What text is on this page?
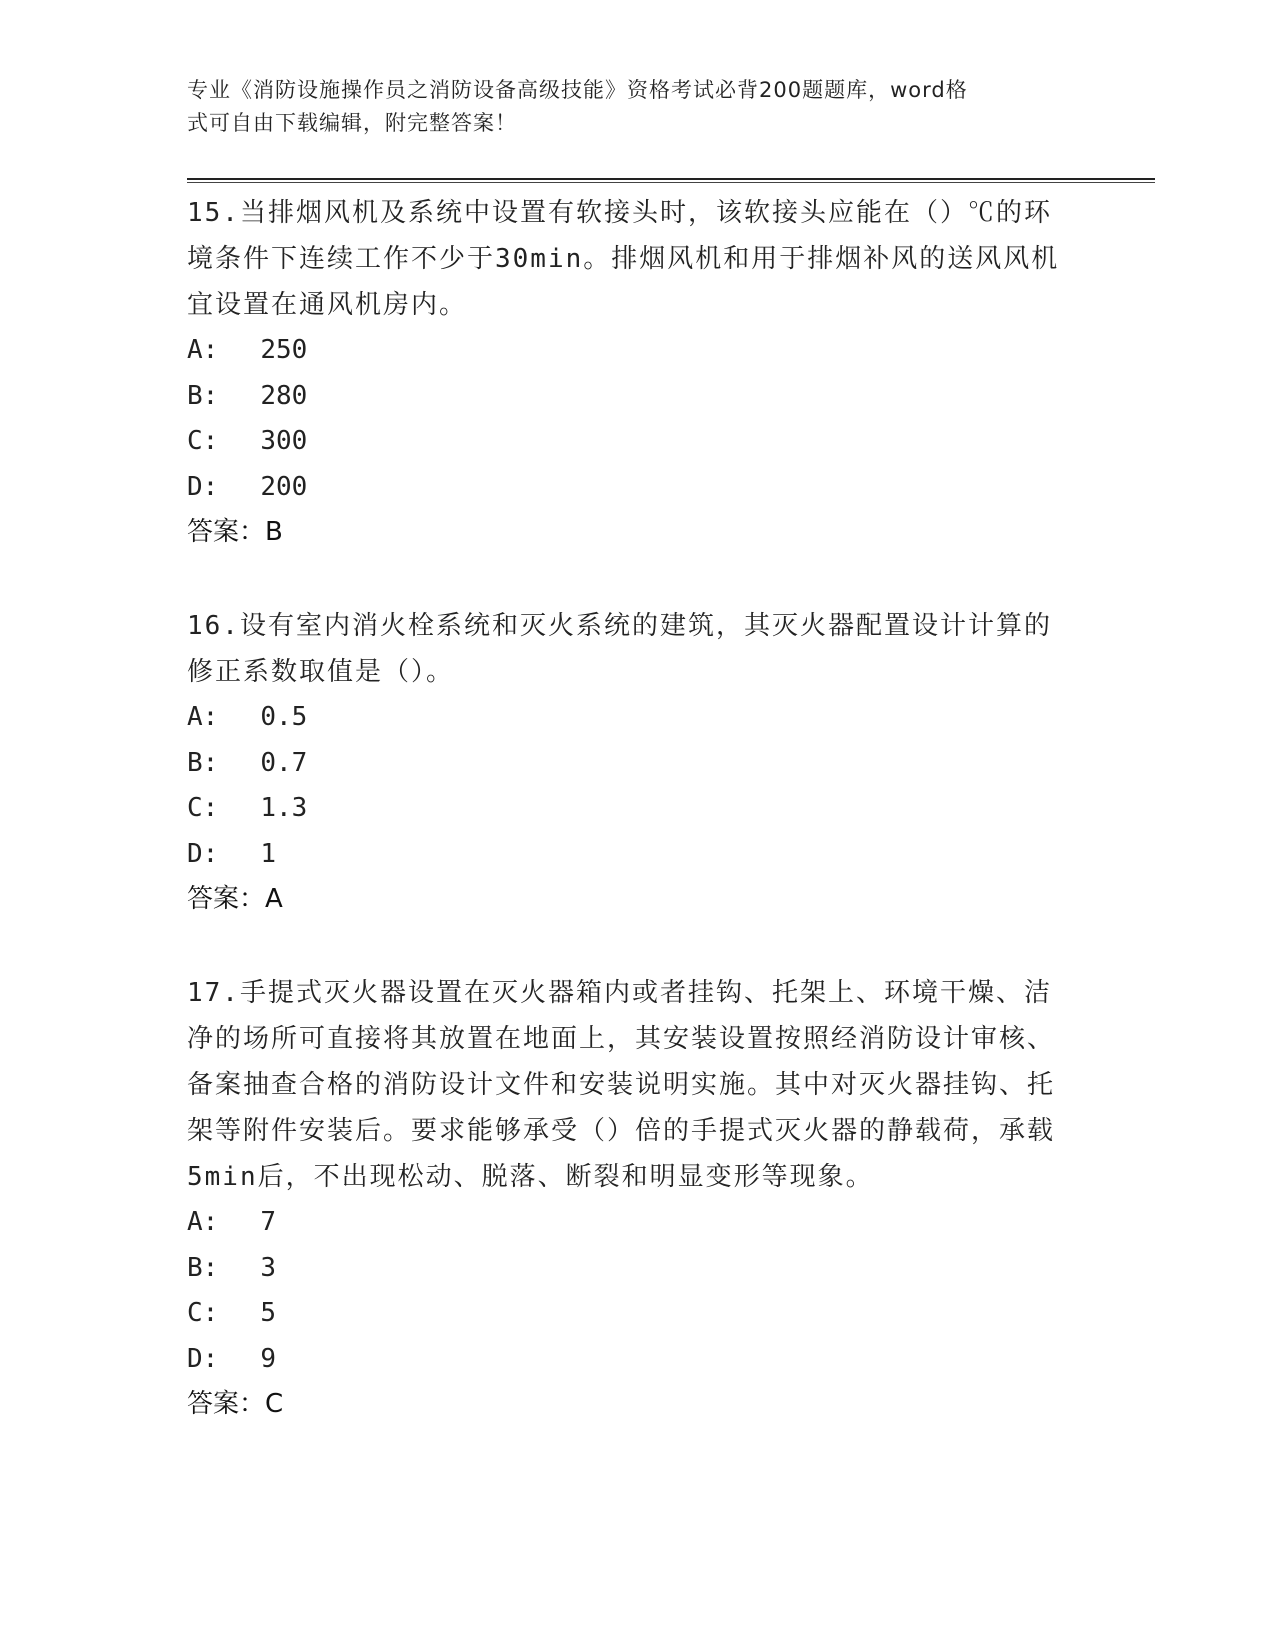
专业《消防设施操作员之消防设备高级技能》资格考试必背200题题库，word格
式可自由下载编辑，附完整答案！
15.当排烟风机及系统中设置有软接头时，该软接头应能在（）℃的环境条件下连续工作不少于30min。排烟风机和用于排烟补风的送风风机宜设置在通风机房内。
A: 250
B: 280
C: 300
D: 200
答案：B
16.设有室内消火栓系统和灭火系统的建筑，其灭火器配置设计计算的修正系数取值是（）。
A: 0.5
B: 0.7
C: 1.3
D: 1
答案：A
17.手提式灭火器设置在灭火器箱内或者挂钩、托架上、环境干燥、洁净的场所可直接将其放置在地面上，其安装设置按照经消防设计审核、备案抽查合格的消防设计文件和安装说明实施。其中对灭火器挂钩、托架等附件安装后。要求能够承受（）倍的手提式灭火器的静载荷，承载5min后，不出现松动、脱落、断裂和明显变形等现象。
A: 7
B: 3
C: 5
D: 9
答案：C
